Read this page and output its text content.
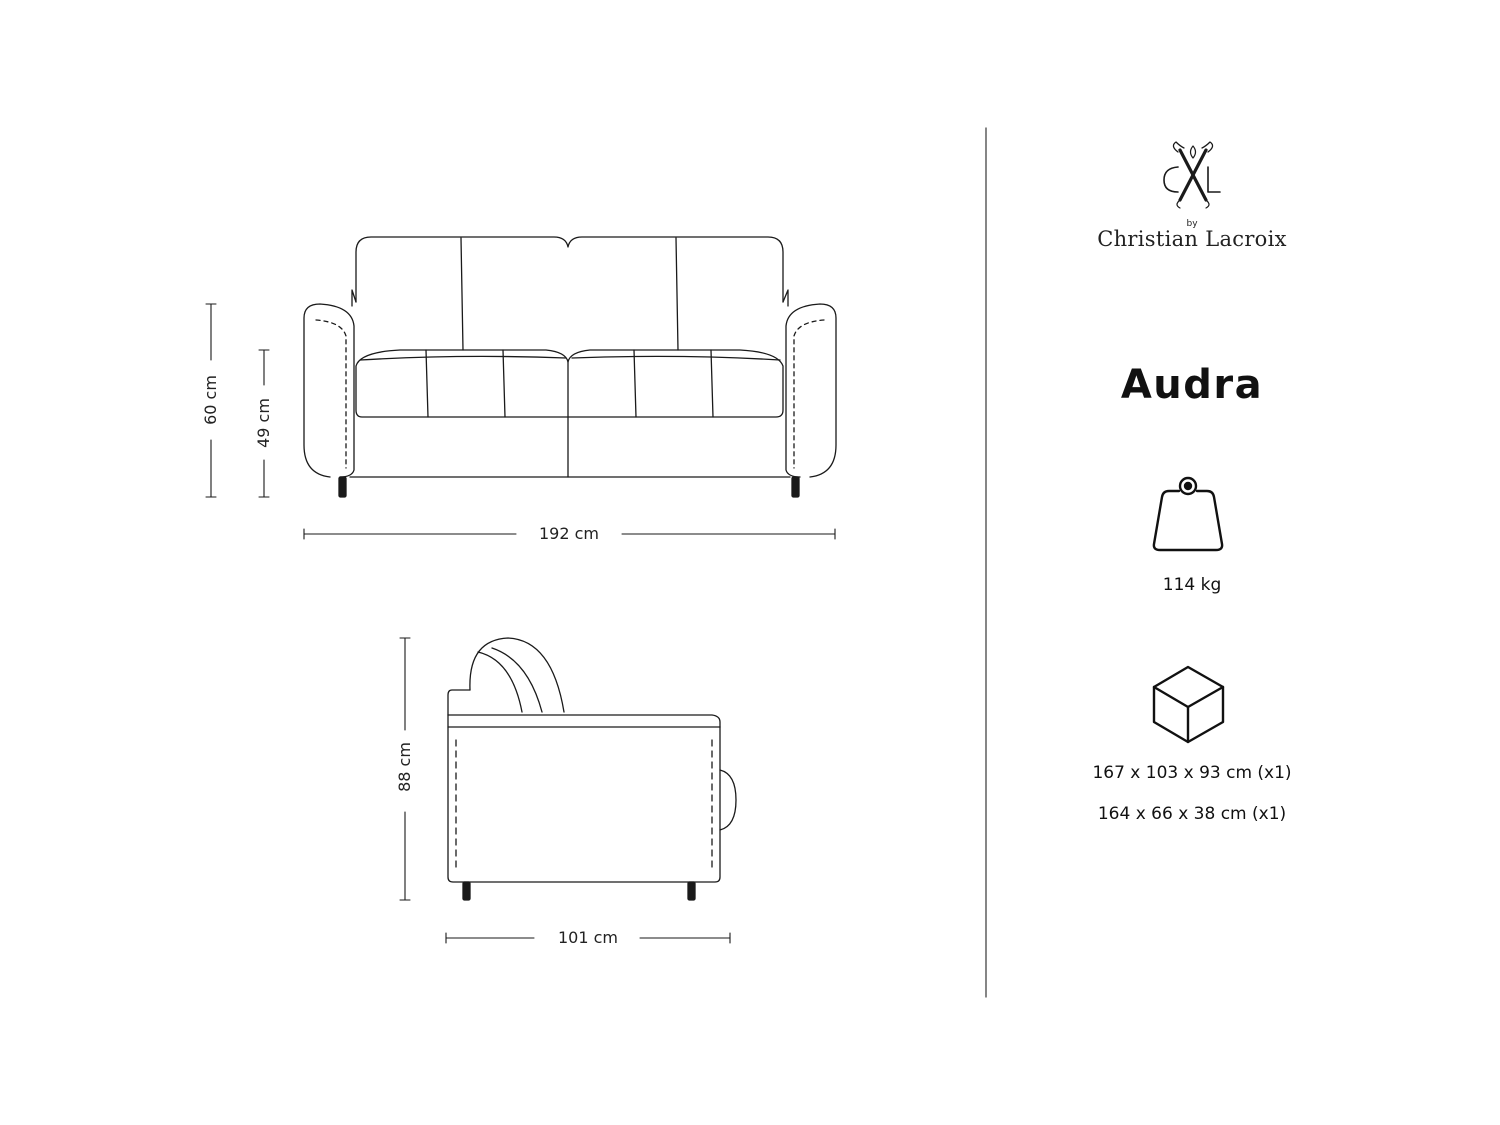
192 cm
60 cm 49 cm
101 cm
88 cm
by
Christian Lacroix
Audra
114 kg
167 x 103 x 93 cm (x1)
164 x 66 x 38 cm (x1)
